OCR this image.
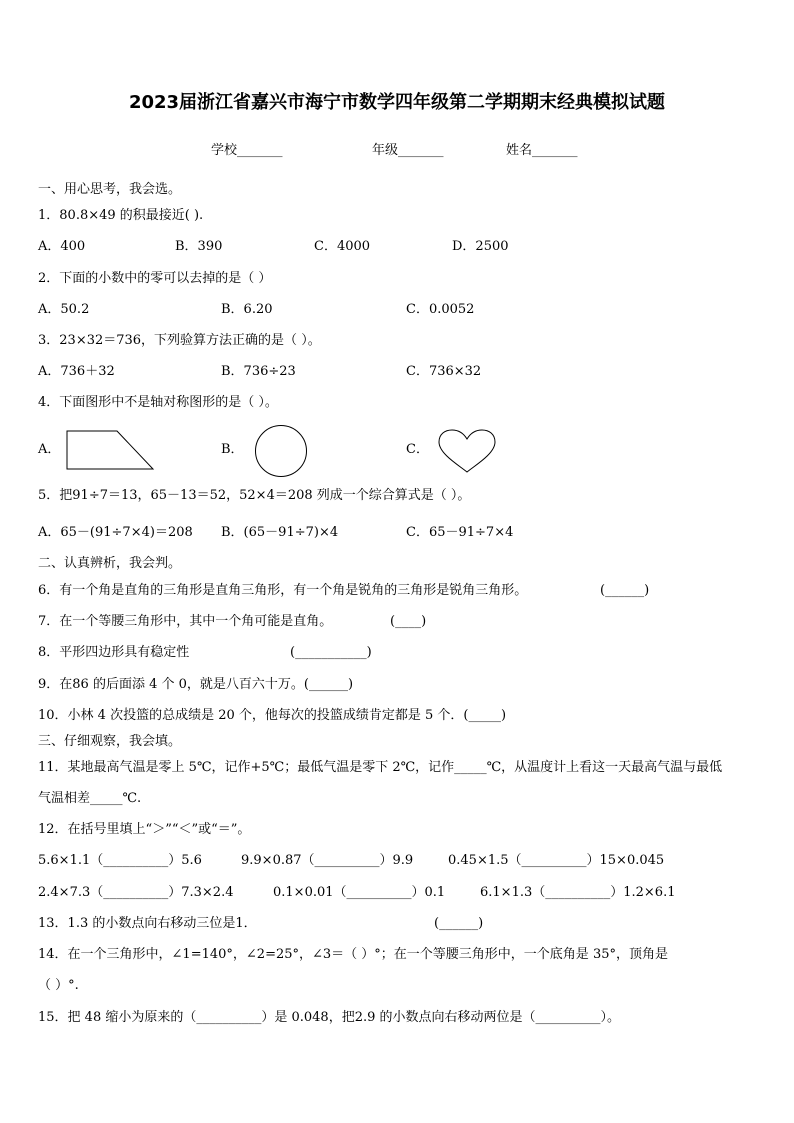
2023届浙江省嘉兴市海宁市数学四年级第二学期期末经典模拟试题
学校_______	年级_______	姓名_______
一、用心思考，我会选。
1．80.8×49 的积最接近( ).
A．400	B．390	C．4000	D．2500
2．下面的小数中的零可以去掉的是（ ）
A．50.2	B．6.20	C．0.0052
3．23×32＝736，下列验算方法正确的是（ ）。
A．736＋32	B．736÷23	C．736×32
4．下面图形中不是轴对称图形的是（ ）。
A．	B．	C．
5．把91÷7＝13，65－13＝52，52×4＝208 列成一个综合算式是（ ）。
A．65－(91÷7×4)＝208 B．(65－91÷7)×4	C．65－91÷7×4
二、认真辨析，我会判。
6．有一个角是直角的三角形是直角三角形，有一个角是锐角的三角形是锐角三角形。	(______)
7．在一个等腰三角形中，其中一个角可能是直角。	(____)
8．平形四边形具有稳定性	(___________)
9．在86 的后面添 4 个 0，就是八百六十万。(______)
10．小林 4 次投篮的总成绩是 20 个，他每次的投篮成绩肯定都是 5 个．(_____)
三、仔细观察，我会填。
11．某地最高气温是零上 5℃，记作+5℃；最低气温是零下 2℃，记作_____℃，从温度计上看这一天最高气温与最低
气温相差_____℃.
12．在括号里填上“＞”“＜”或“＝”。
5.6×1.1（__________）5.6	9.9×0.87（__________）9.9	0.45×1.5（__________）15×0.045
2.4×7.3（__________）7.3×2.4	0.1×0.01（__________）0.1	6.1×1.3（__________）1.2×6.1
13．1.3 的小数点向右移动三位是1．	(______)
14．在一个三角形中，∠1=140°，∠2=25°，∠3＝（ ）°；在一个等腰三角形中，一个底角是 35°，顶角是
（ ）°.
15．把 48 缩小为原来的（__________）是 0.048，把2.9 的小数点向右移动两位是（__________）。
